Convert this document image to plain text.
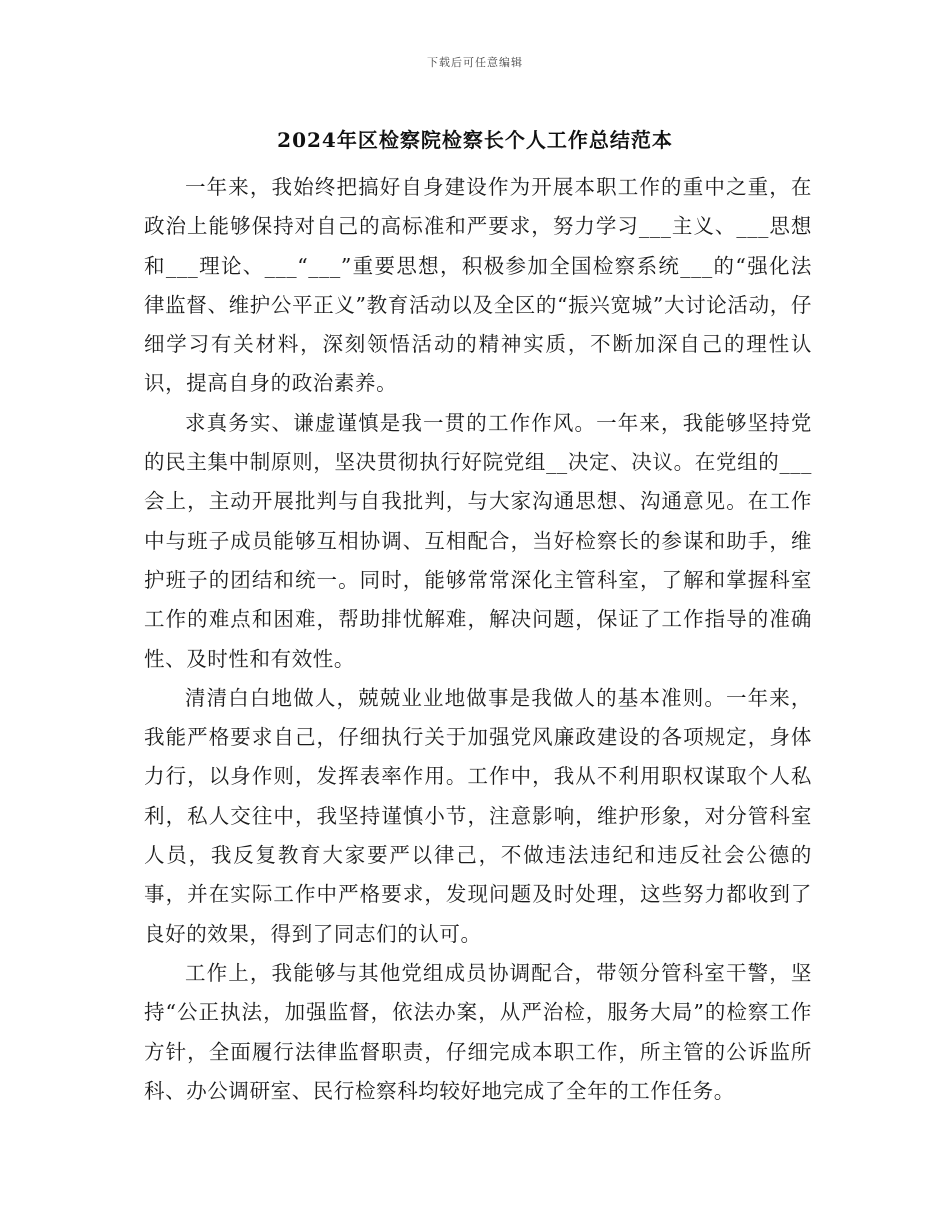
下载后可任意编辑
2024年区检察院检察长个人工作总结范本

一年来，我始终把搞好自身建设作为开展本职工作的重中之重，在政治上能够保持对自己的高标准和严要求，努力学习___主义、___思想和___理论、___“___”重要思想，积极参加全国检察系统___的“强化法律监督、维护公平正义”教育活动以及全区的“振兴宽城”大讨论活动，仔细学习有关材料，深刻领悟活动的精神实质，不断加深自己的理性认识，提高自身的政治素养。

求真务实、谦虚谨慎是我一贯的工作作风。一年来，我能够坚持党的民主集中制原则，坚决贯彻执行好院党组__决定、决议。在党组的___会上，主动开展批判与自我批判，与大家沟通思想、沟通意见。在工作中与班子成员能够互相协调、互相配合，当好检察长的参谋和助手，维护班子的团结和统一。同时，能够常常深化主管科室，了解和掌握科室工作的难点和困难，帮助排忧解难，解决问题，保证了工作指导的准确性、及时性和有效性。

清清白白地做人，兢兢业业地做事是我做人的基本准则。一年来，我能严格要求自己，仔细执行关于加强党风廉政建设的各项规定，身体力行，以身作则，发挥表率作用。工作中，我从不利用职权谋取个人私利，私人交往中，我坚持谨慎小节，注意影响，维护形象，对分管科室人员，我反复教育大家要严以律己，不做违法违纪和违反社会公德的事，并在实际工作中严格要求，发现问题及时处理，这些努力都收到了良好的效果，得到了同志们的认可。

工作上，我能够与其他党组成员协调配合，带领分管科室干警，坚持“公正执法，加强监督，依法办案，从严治检，服务大局”的检察工作方针，全面履行法律监督职责，仔细完成本职工作，所主管的公诉监所科、办公调研室、民行检察科均较好地完成了全年的工作任务。
